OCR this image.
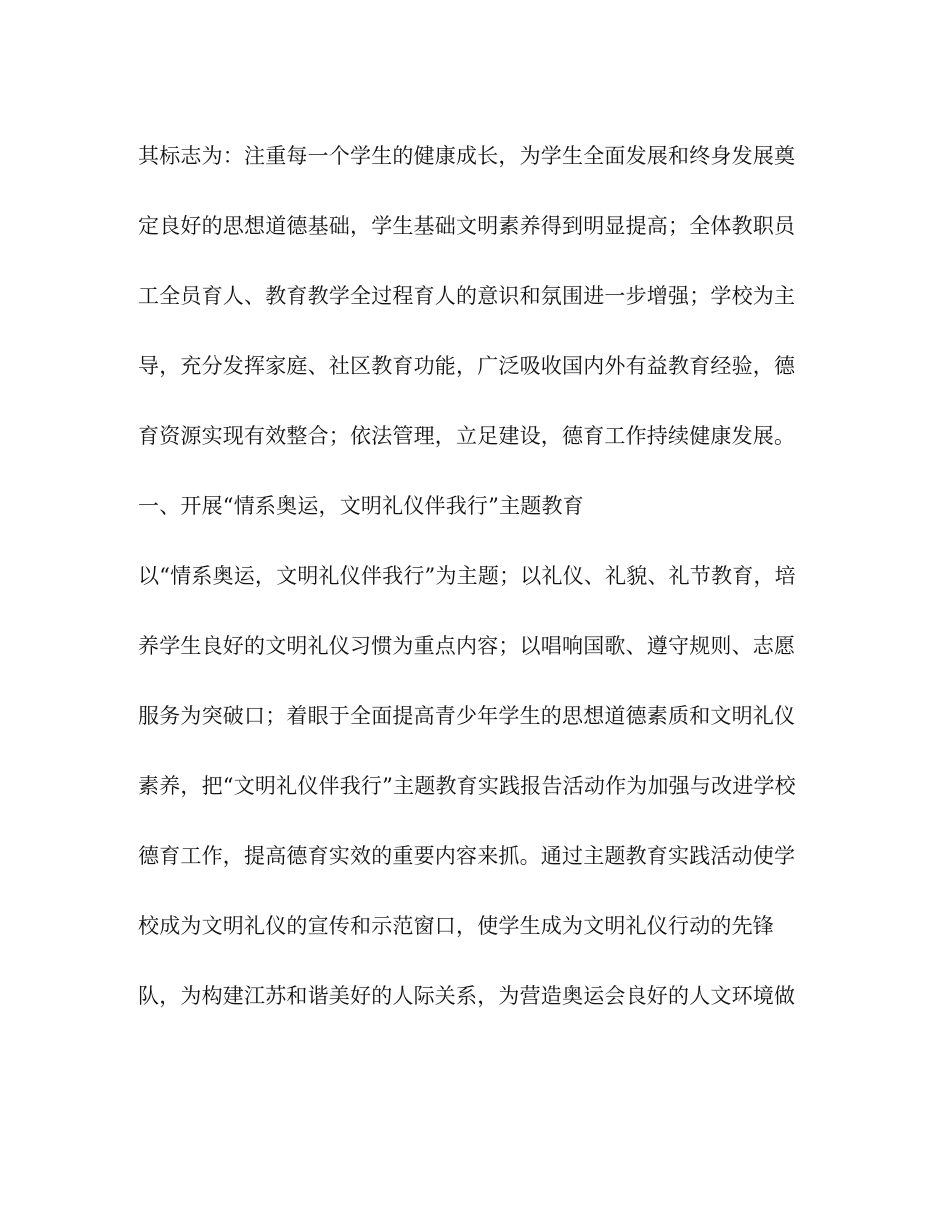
其标志为：注重每一个学生的健康成长，为学生全面发展和终身发展奠
定良好的思想道德基础，学生基础文明素养得到明显提高；全体教职员
工全员育人、教育教学全过程育人的意识和氛围进一步增强；学校为主
导，充分发挥家庭、社区教育功能，广泛吸收国内外有益教育经验，德
育资源实现有效整合；依法管理，立足建设，德育工作持续健康发展。
一、开展“情系奥运，文明礼仪伴我行”主题教育
以“情系奥运，文明礼仪伴我行”为主题；以礼仪、礼貌、礼节教育，培
养学生良好的文明礼仪习惯为重点内容；以唱响国歌、遵守规则、志愿
服务为突破口；着眼于全面提高青少年学生的思想道德素质和文明礼仪
素养，把“文明礼仪伴我行”主题教育实践报告活动作为加强与改进学校
德育工作，提高德育实效的重要内容来抓。通过主题教育实践活动使学
校成为文明礼仪的宣传和示范窗口，使学生成为文明礼仪行动的先锋
队，为构建江苏和谐美好的人际关系，为营造奥运会良好的人文环境做
